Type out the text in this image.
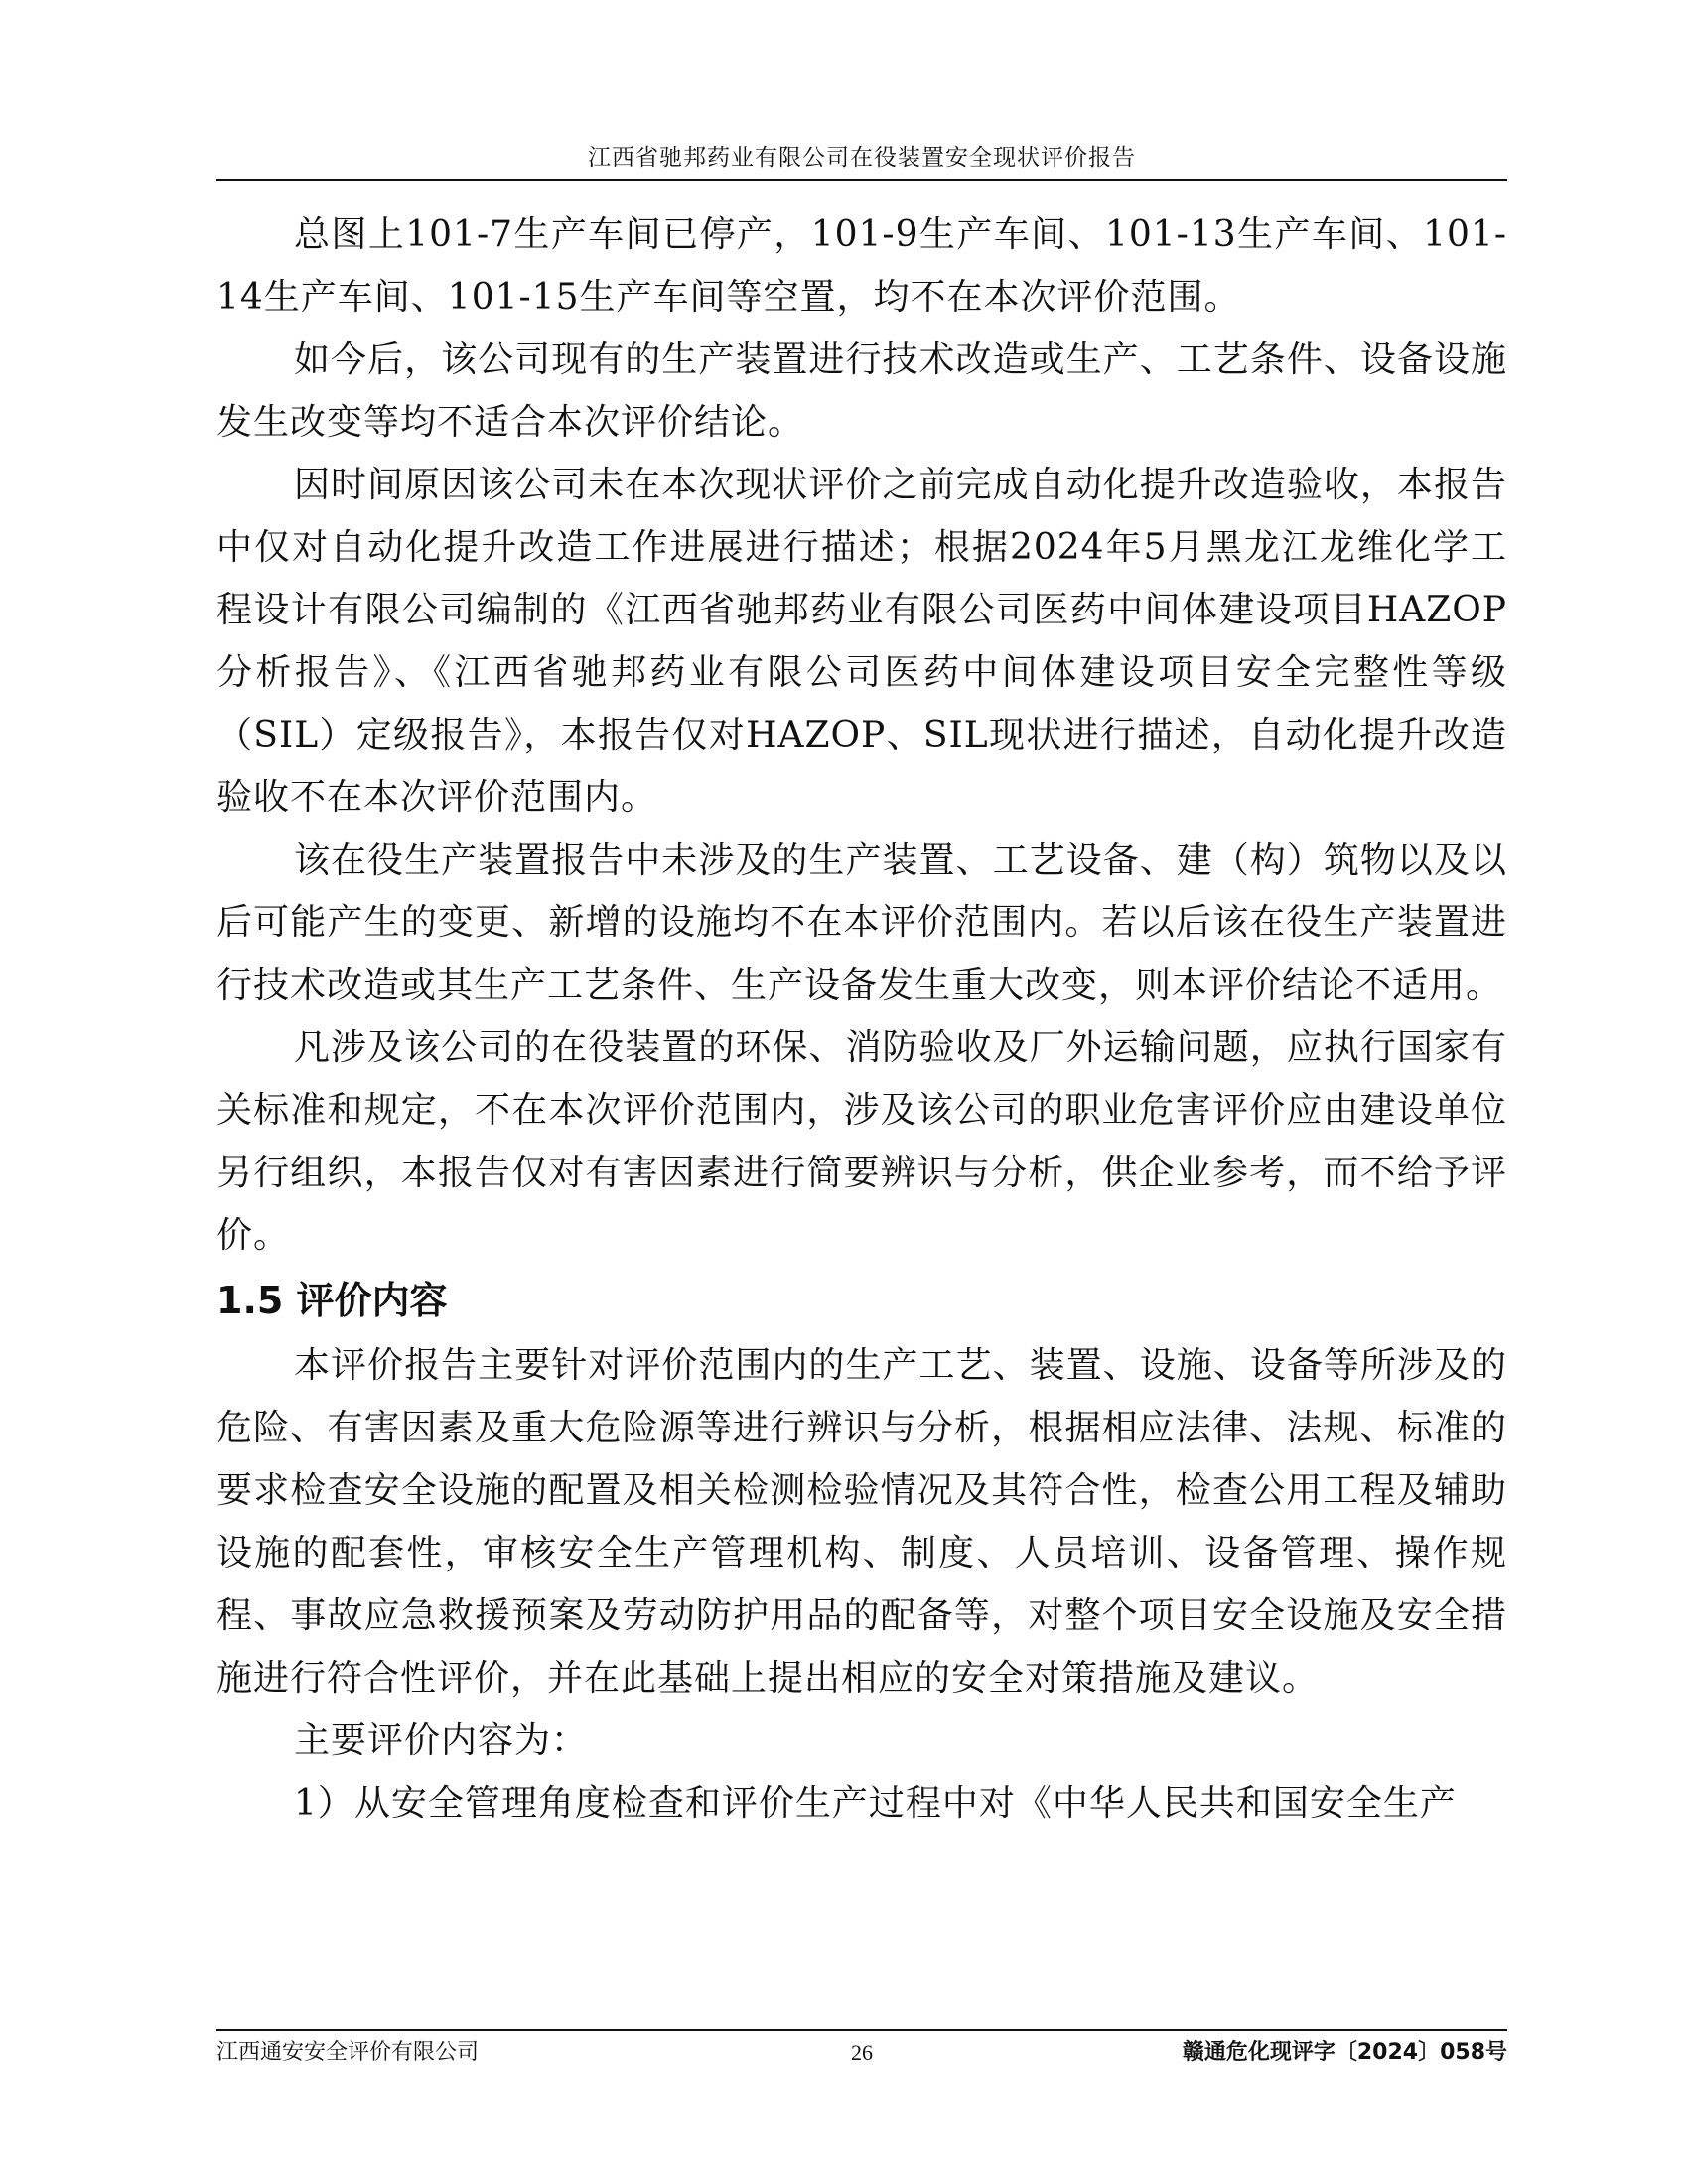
江西省驰邦药业有限公司在役装置安全现状评价报告

总图上101-7生产车间已停产，101-9生产车间、101-13生产车间、101-14生产车间、101-15生产车间等空置，均不在本次评价范围。

如今后，该公司现有的生产装置进行技术改造或生产、工艺条件、设备设施发生改变等均不适合本次评价结论。

因时间原因该公司未在本次现状评价之前完成自动化提升改造验收，本报告中仅对自动化提升改造工作进展进行描述；根据2024年5月黑龙江龙维化学工程设计有限公司编制的《江西省驰邦药业有限公司医药中间体建设项目HAZOP分析报告》、《江西省驰邦药业有限公司医药中间体建设项目安全完整性等级（SIL）定级报告》，本报告仅对HAZOP、SIL现状进行描述，自动化提升改造验收不在本次评价范围内。

该在役生产装置报告中未涉及的生产装置、工艺设备、建（构）筑物以及以后可能产生的变更、新增的设施均不在本评价范围内。若以后该在役生产装置进行技术改造或其生产工艺条件、生产设备发生重大改变，则本评价结论不适用。

凡涉及该公司的在役装置的环保、消防验收及厂外运输问题，应执行国家有关标准和规定，不在本次评价范围内，涉及该公司的职业危害评价应由建设单位另行组织，本报告仅对有害因素进行简要辨识与分析，供企业参考，而不给予评价。

1.5 评价内容

本评价报告主要针对评价范围内的生产工艺、装置、设施、设备等所涉及的危险、有害因素及重大危险源等进行辨识与分析，根据相应法律、法规、标准的要求检查安全设施的配置及相关检测检验情况及其符合性，检查公用工程及辅助设施的配套性，审核安全生产管理机构、制度、人员培训、设备管理、操作规程、事故应急救援预案及劳动防护用品的配备等，对整个项目安全设施及安全措施进行符合性评价，并在此基础上提出相应的安全对策措施及建议。

主要评价内容为：

1）从安全管理角度检查和评价生产过程中对《中华人民共和国安全生产

江西通安安全评价有限公司	26	赣通危化现评字〔2024〕058号
